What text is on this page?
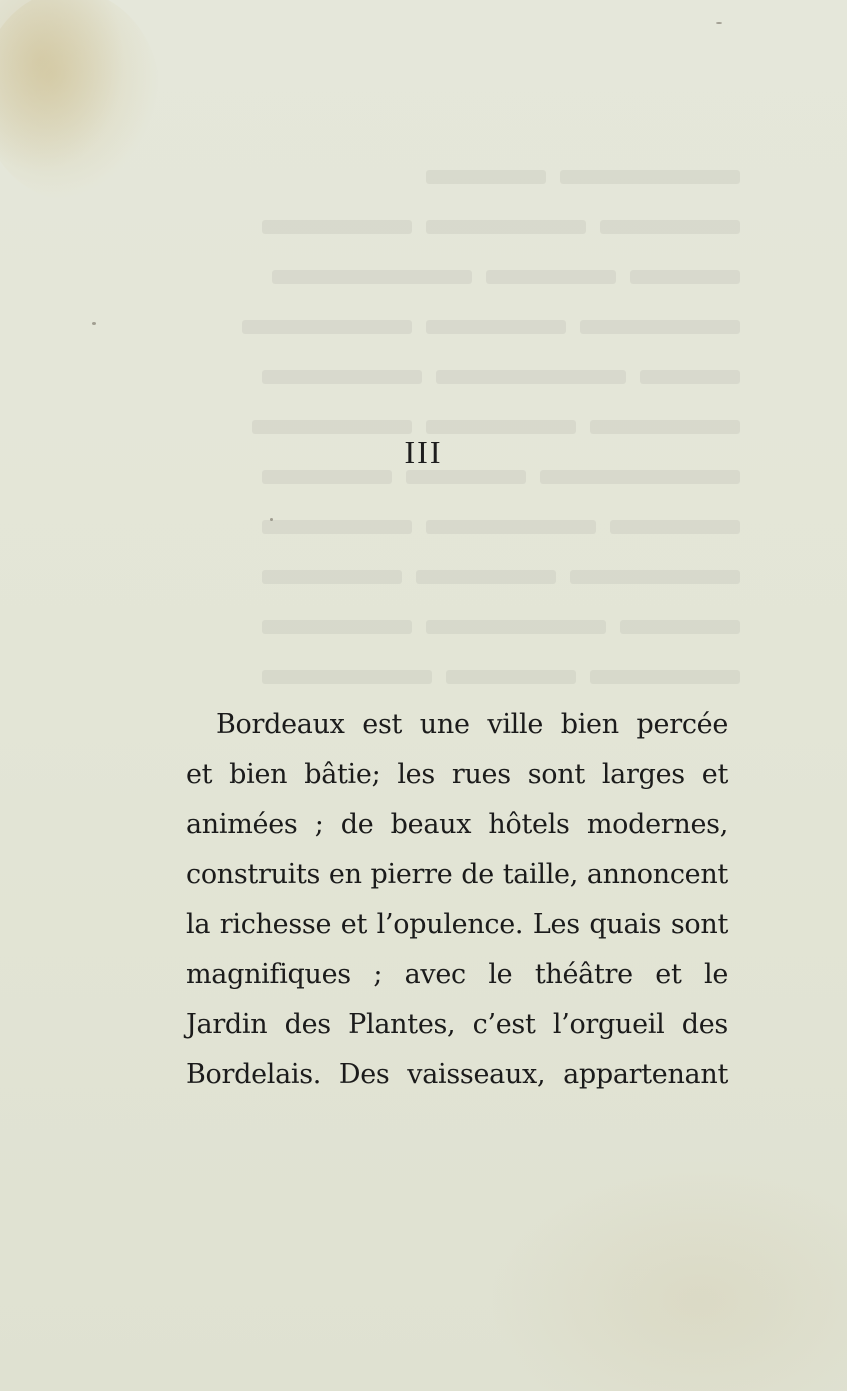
III
Bordeaux est une ville bien percée
et bien bâtie; les rues sont larges et
animées ; de beaux hôtels modernes,
construits en pierre de taille, annoncent
la richesse et l’opulence. Les quais sont
magnifiques ; avec le théâtre et le
Jardin des Plantes, c’est l’orgueil des
Bordelais. Des vaisseaux, appartenant
